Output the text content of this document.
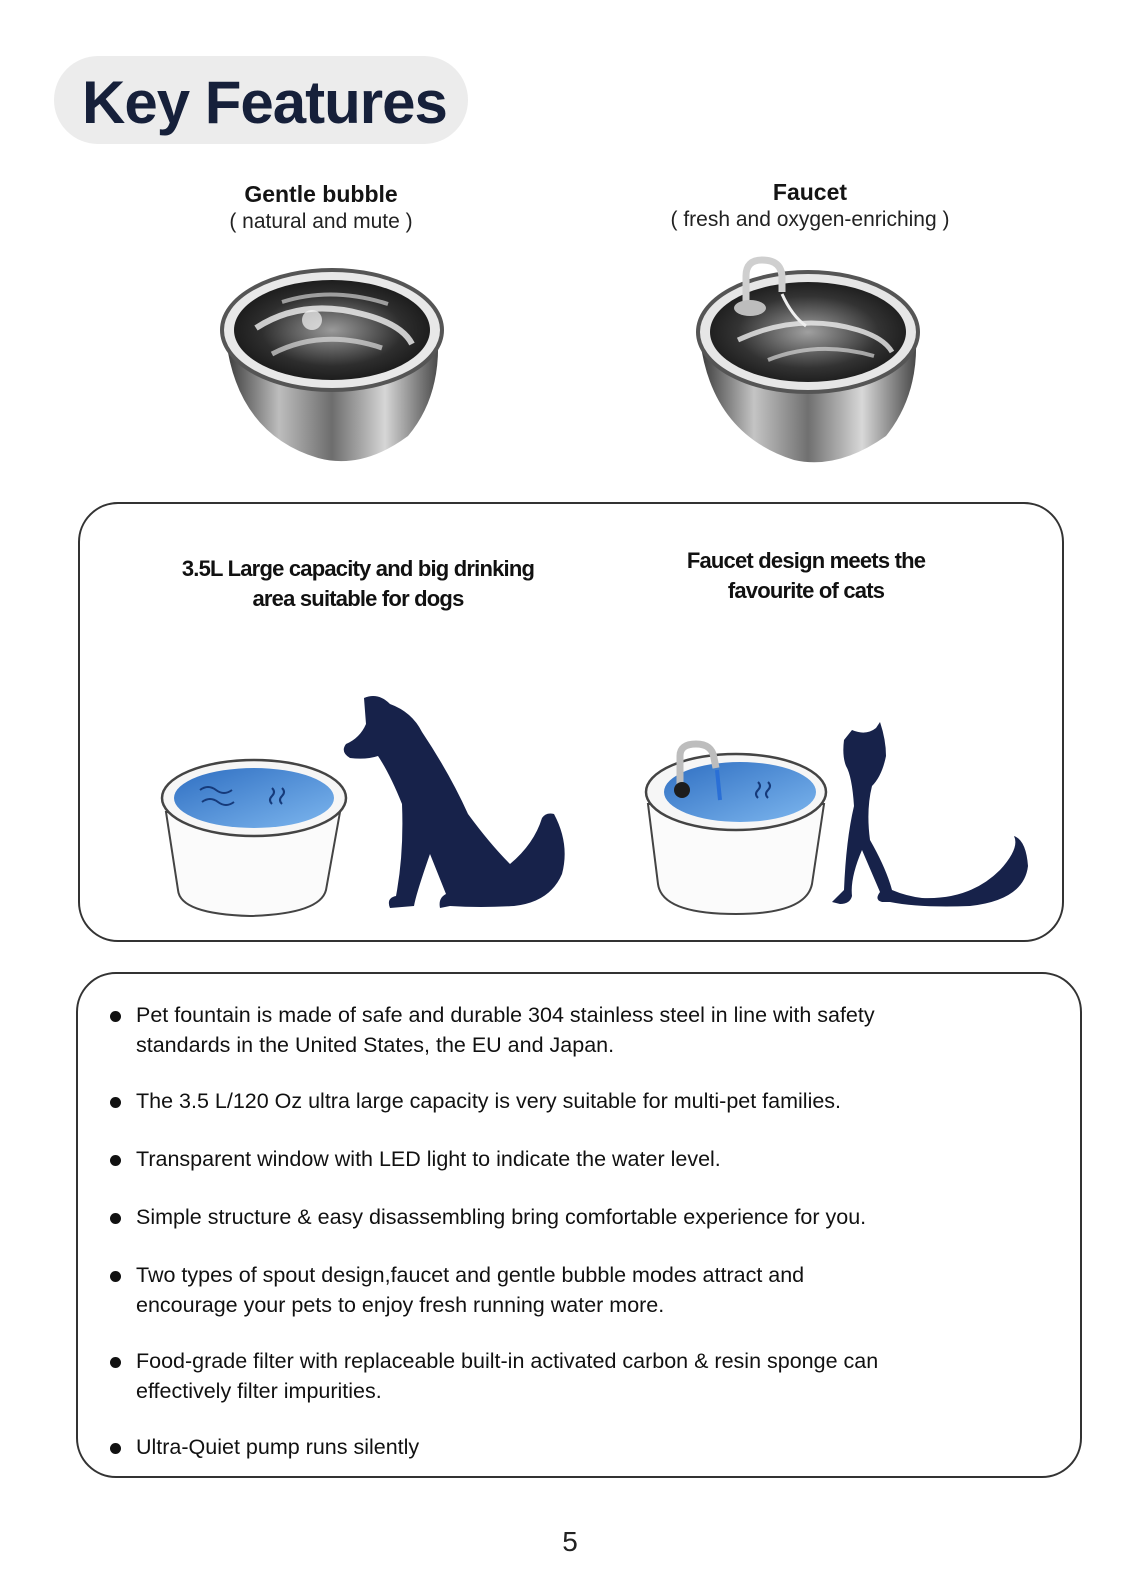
Key Features
Gentle bubble
( natural and mute )
Faucet
( fresh and oxygen-enriching )
3.5L Large capacity and big drinking
area suitable for dogs
Faucet design meets the
favourite of cats
Pet fountain is made of safe and durable 304 stainless steel in line with safety
standards in the United States, the EU and Japan.
The 3.5 L/120 Oz ultra large capacity is very suitable for multi-pet families.
Transparent window with LED light to indicate the water level.
Simple structure & easy disassembling bring comfortable experience for you.
Two types of spout design,faucet and gentle bubble modes attract and
encourage your pets to enjoy fresh running water more.
Food-grade filter with replaceable built-in activated carbon & resin sponge can
effectively filter impurities.
Ultra-Quiet pump runs silently
5
